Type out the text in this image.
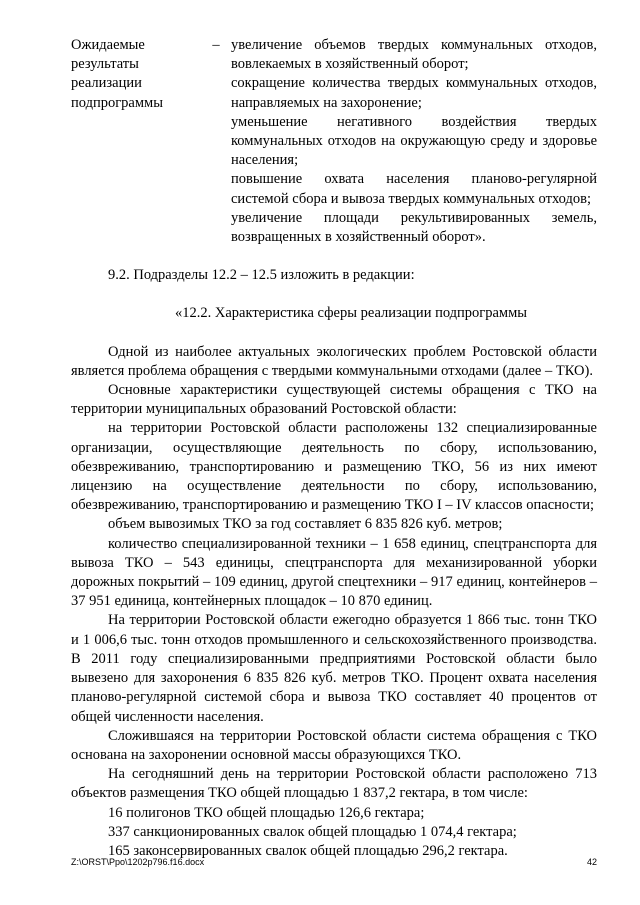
Ожидаемые
результаты
реализации
подпрограммы
– увеличение объемов твердых коммунальных отходов, вовлекаемых в хозяйственный оборот;

сокращение количества твердых коммунальных отходов, направляемых на захоронение;

уменьшение негативного воздействия твердых коммунальных отходов на окружающую среду и здоровье населения;

повышение охвата населения планово-регулярной системой сбора и вывоза твердых коммунальных отходов;

увеличение площади рекультивированных земель, возвращенных в хозяйственный оборот».

9.2. Подразделы 12.2 – 12.5 изложить в редакции:
«12.2. Характеристика сферы реализации подпрограммы

Одной из наиболее актуальных экологических проблем Ростовской области является проблема обращения с твердыми коммунальными отходами (далее – ТКО).

Основные характеристики существующей системы обращения с ТКО на территории муниципальных образований Ростовской области:

на территории Ростовской области расположены 132 специализированные организации, осуществляющие деятельность по сбору, использованию, обезвреживанию, транспортированию и размещению ТКО, 56 из них имеют лицензию на осуществление деятельности по сбору, использованию, обезвреживанию, транспортированию и размещению ТКО I – IV классов опасности;

объем вывозимых ТКО за год составляет 6 835 826 куб. метров;

количество специализированной техники – 1 658 единиц, спецтранспорта для вывоза ТКО – 543 единицы, спецтранспорта для механизированной уборки дорожных покрытий – 109 единиц, другой спецтехники – 917 единиц, контейнеров – 37 951 единица, контейнерных площадок – 10 870 единиц.

На территории Ростовской области ежегодно образуется 1 866 тыс. тонн ТКО и 1 006,6 тыс. тонн отходов промышленного и сельскохозяйственного производства. В 2011 году специализированными предприятиями Ростовской области было вывезено для захоронения 6 835 826 куб. метров ТКО. Процент охвата населения планово-регулярной системой сбора и вывоза ТКО составляет 40 процентов от общей численности населения.

Сложившаяся на территории Ростовской области система обращения с ТКО основана на захоронении основной массы образующихся ТКО.

На сегодняшний день на территории Ростовской области расположено 713 объектов размещения ТКО общей площадью 1 837,2 гектара, в том числе:

16 полигонов ТКО общей площадью 126,6 гектара;

337 санкционированных свалок общей площадью 1 074,4 гектара;

165 законсервированных свалок общей площадью 296,2 гектара.

Z:\ORST\Ppo\1202p796.f16.docx	42
